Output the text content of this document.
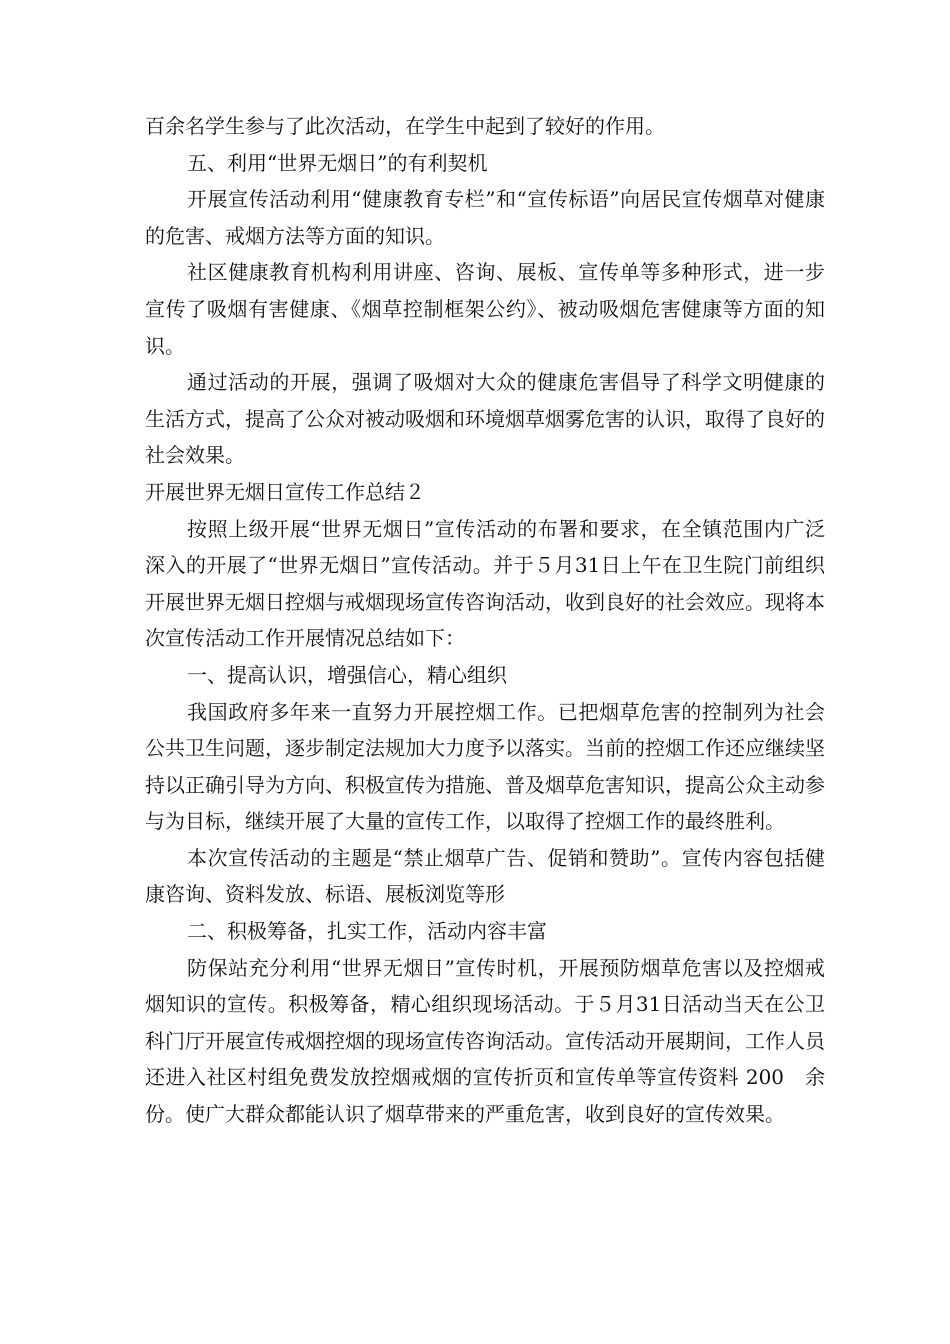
百余名学生参与了此次活动，在学生中起到了较好的作用。

五、利用“世界无烟日”的有利契机

开展宣传活动利用“健康教育专栏”和“宣传标语”向居民宣传烟草对健康的危害、戒烟方法等方面的知识。

社区健康教育机构利用讲座、咨询、展板、宣传单等多种形式，进一步宣传了吸烟有害健康、《烟草控制框架公约》、被动吸烟危害健康等方面的知识。

通过活动的开展，强调了吸烟对大众的健康危害倡导了科学文明健康的生活方式，提高了公众对被动吸烟和环境烟草烟雾危害的认识，取得了良好的社会效果。

开展世界无烟日宣传工作总结２

按照上级开展“世界无烟日”宣传活动的布署和要求，在全镇范围内广泛深入的开展了“世界无烟日”宣传活动。并于５月31日上午在卫生院门前组织开展世界无烟日控烟与戒烟现场宣传咨询活动，收到良好的社会效应。现将本次宣传活动工作开展情况总结如下：

一、提高认识，增强信心，精心组织

我国政府多年来一直努力开展控烟工作。已把烟草危害的控制列为社会公共卫生问题，逐步制定法规加大力度予以落实。当前的控烟工作还应继续坚持以正确引导为方向、积极宣传为措施、普及烟草危害知识，提高公众主动参与为目标，继续开展了大量的宣传工作，以取得了控烟工作的最终胜利。

本次宣传活动的主题是“禁止烟草广告、促销和赞助”。宣传内容包括健康咨询、资料发放、标语、展板浏览等形

二、积极筹备，扎实工作，活动内容丰富

防保站充分利用“世界无烟日”宣传时机，开展预防烟草危害以及控烟戒烟知识的宣传。积极筹备，精心组织现场活动。于５月31日活动当天在公卫科门厅开展宣传戒烟控烟的现场宣传咨询活动。宣传活动开展期间，工作人员还进入社区村组免费发放控烟戒烟的宣传折页和宣传单等宣传资料 200　余份。使广大群众都能认识了烟草带来的严重危害，收到良好的宣传效果。
